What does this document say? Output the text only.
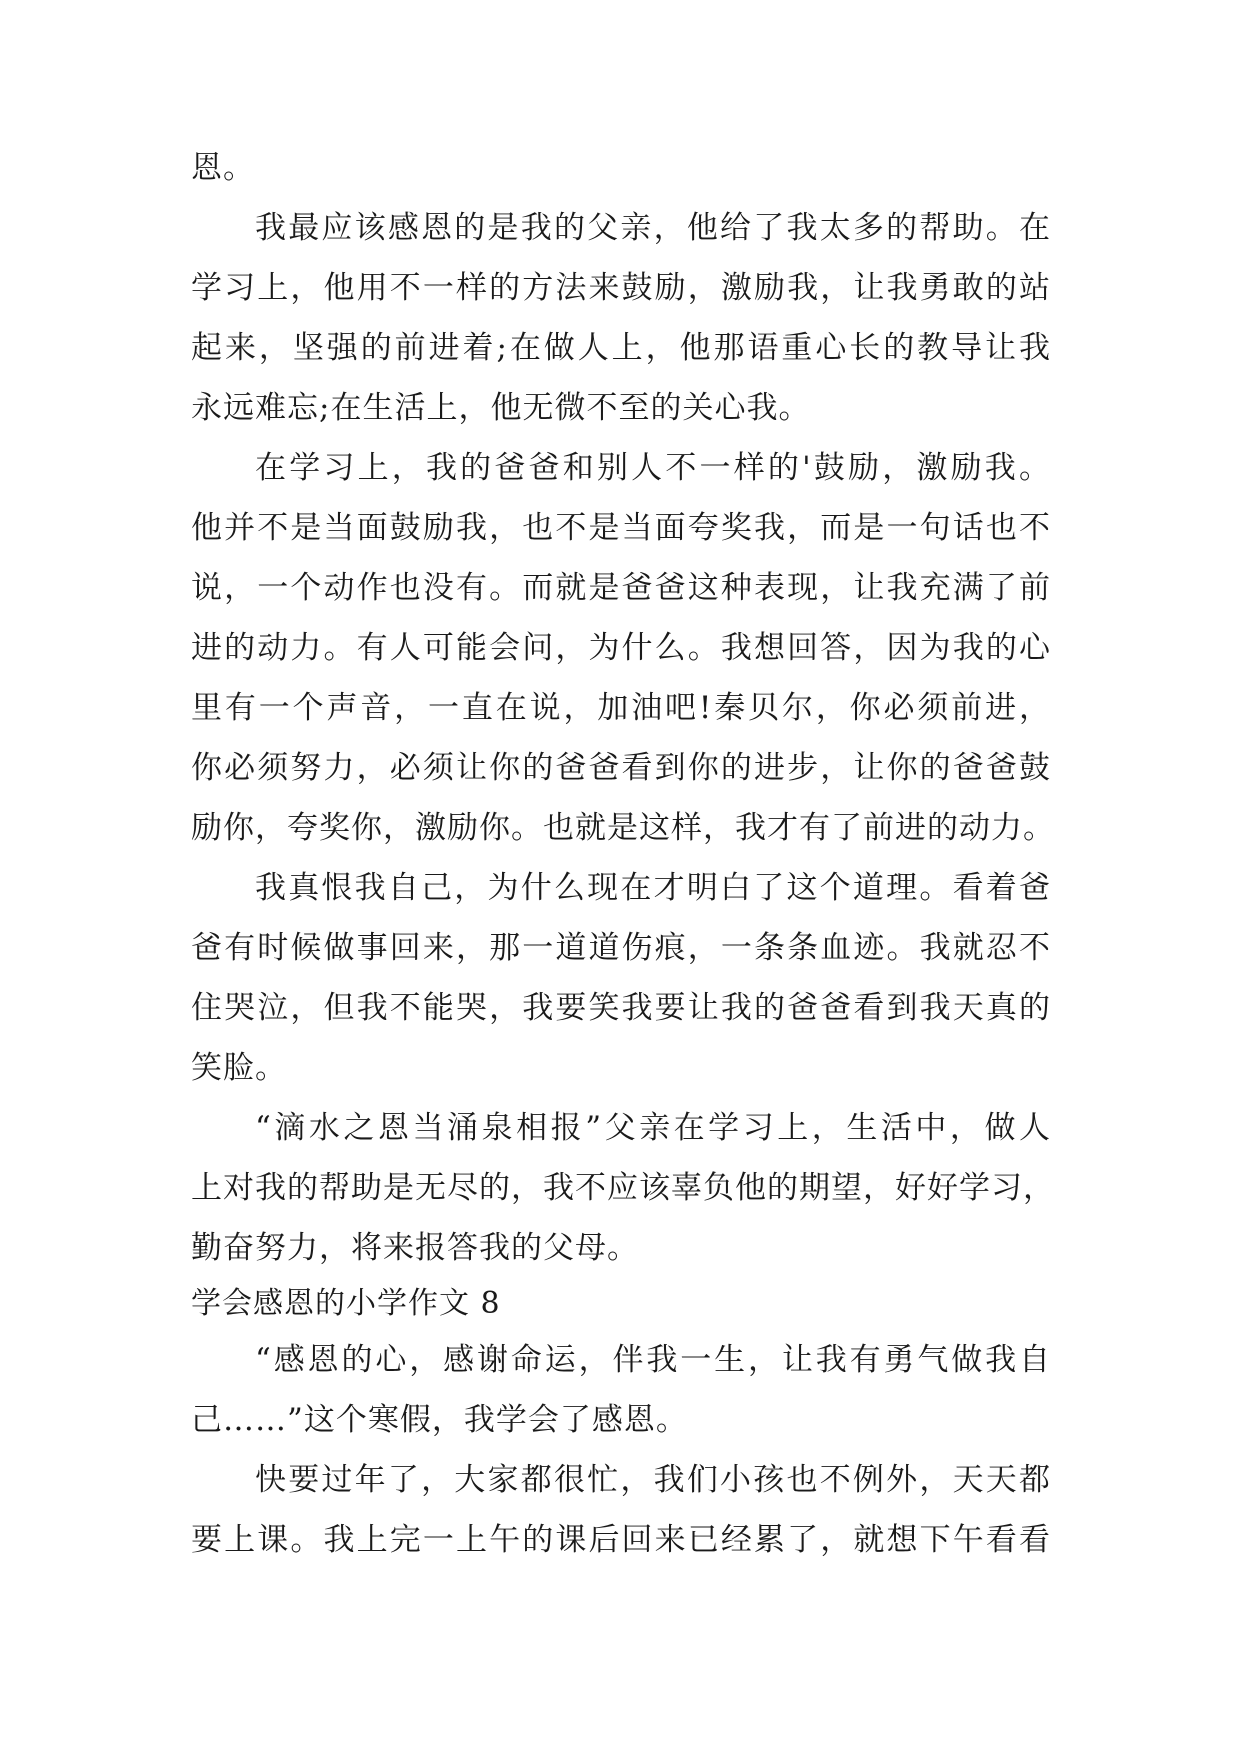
恩。
我最应该感恩的是我的父亲，他给了我太多的帮助。在
学习上，他用不一样的方法来鼓励，激励我，让我勇敢的站
起来，坚强的前进着;在做人上，他那语重心长的教导让我
永远难忘;在生活上，他无微不至的关心我。
在学习上，我的爸爸和别人不一样的'鼓励，激励我。
他并不是当面鼓励我，也不是当面夸奖我，而是一句话也不
说，一个动作也没有。而就是爸爸这种表现，让我充满了前
进的动力。有人可能会问，为什么。我想回答，因为我的心
里有一个声音，一直在说，加油吧!秦贝尔，你必须前进，
你必须努力，必须让你的爸爸看到你的进步，让你的爸爸鼓
励你，夸奖你，激励你。也就是这样，我才有了前进的动力。
我真恨我自己，为什么现在才明白了这个道理。看着爸
爸有时候做事回来，那一道道伤痕，一条条血迹。我就忍不
住哭泣，但我不能哭，我要笑我要让我的爸爸看到我天真的
笑脸。
“滴水之恩当涌泉相报”父亲在学习上，生活中，做人
上对我的帮助是无尽的，我不应该辜负他的期望，好好学习，
勤奋努力，将来报答我的父母。
学会感恩的小学作文 8
“感恩的心，感谢命运，伴我一生，让我有勇气做我自
己……”这个寒假，我学会了感恩。
快要过年了，大家都很忙，我们小孩也不例外，天天都
要上课。我上完一上午的课后回来已经累了，就想下午看看
